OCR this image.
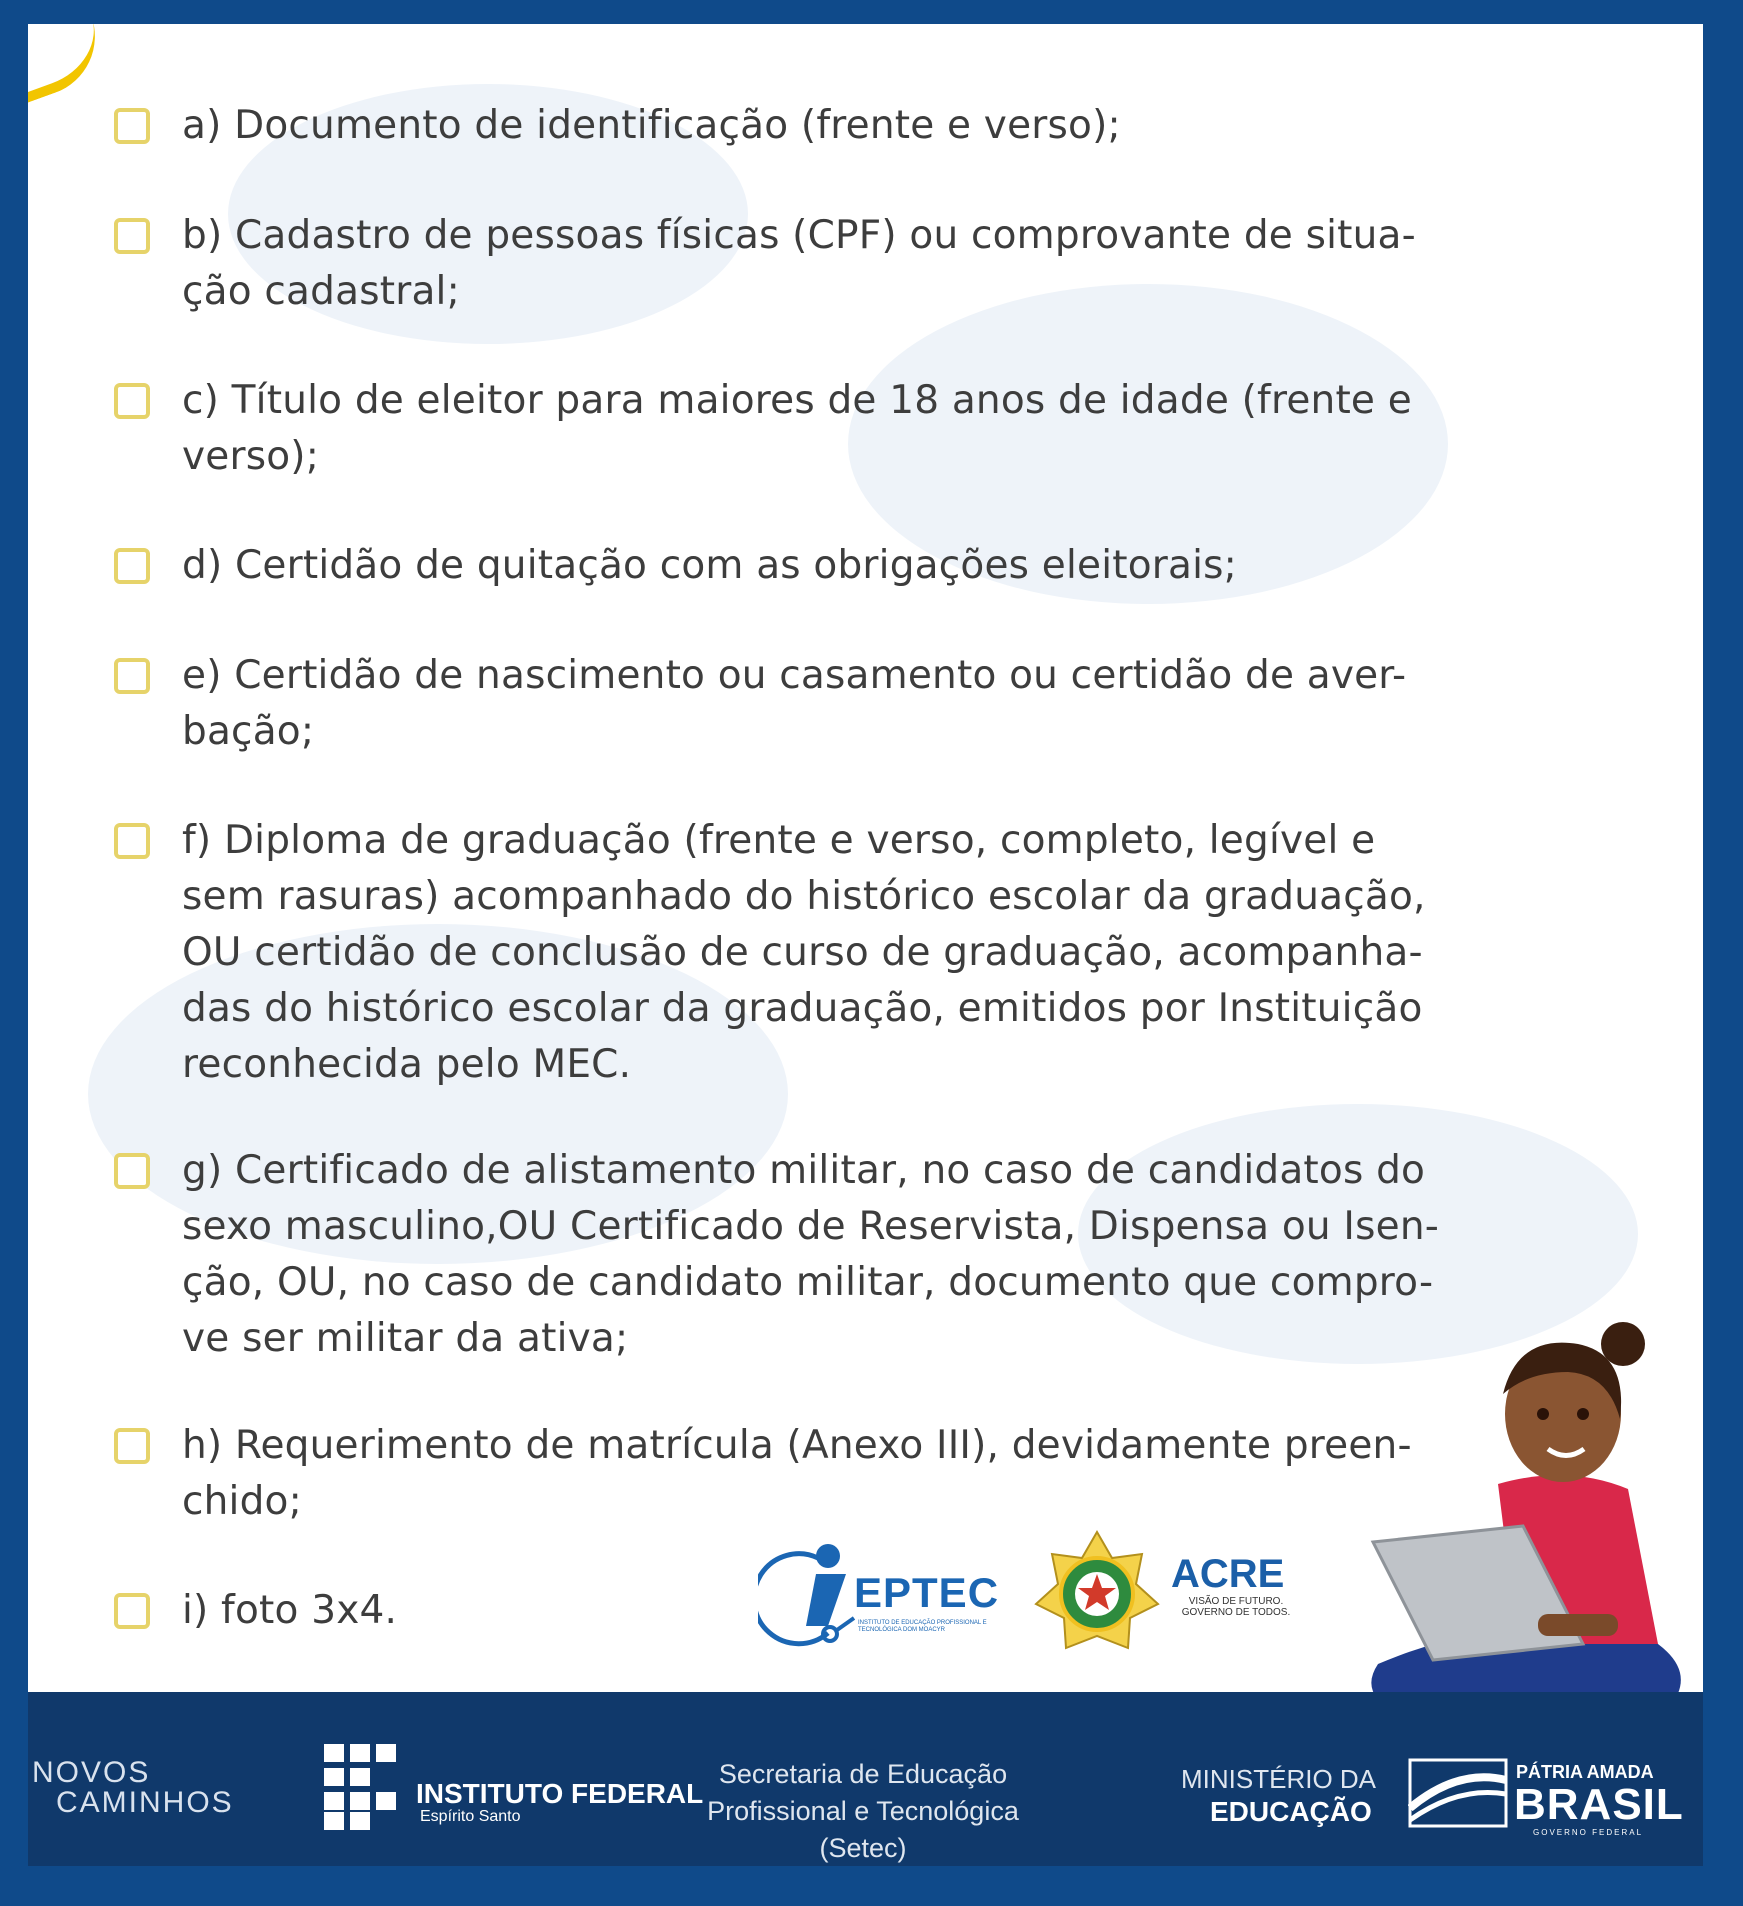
a) Documento de identificação (frente e verso);
b) Cadastro de pessoas físicas (CPF) ou comprovante de situa-
ção cadastral;
c) Título de eleitor para maiores de 18 anos de idade (frente e
verso);
d) Certidão de quitação com as obrigações eleitorais;
e) Certidão de nascimento ou casamento ou certidão de aver-
bação;
f) Diploma de graduação (frente e verso, completo, legível e
sem rasuras) acompanhado do histórico escolar da graduação,
OU certidão de conclusão de curso de graduação, acompanha-
das do histórico escolar da graduação, emitidos por Instituição
reconhecida pelo MEC.
g) Certificado de alistamento militar, no caso de candidatos do
sexo masculino,OU Certificado de Reservista, Dispensa ou Isen-
ção, OU, no caso de candidato militar, documento que compro-
ve ser militar da ativa;
h) Requerimento de matrícula (Anexo III), devidamente preen-
chido;
i) foto 3x4.	EPTEC
INSTITUTO DE EDUCAÇÃO PROFISSIONAL E TECNOLÓGICA DOM MOACYR
ACRE
VISÃO DE FUTURO. GOVERNO DE TODOS.
NOVOS
CAMINHOS	INSTITUTO FEDERAL
Espírito Santo
Secretaria de Educação
Profissional e Tecnológica
(Setec)
MINISTÉRIO DA
EDUCAÇÃO
PÁTRIA AMADA
BRASIL
GOVERNO FEDERAL
